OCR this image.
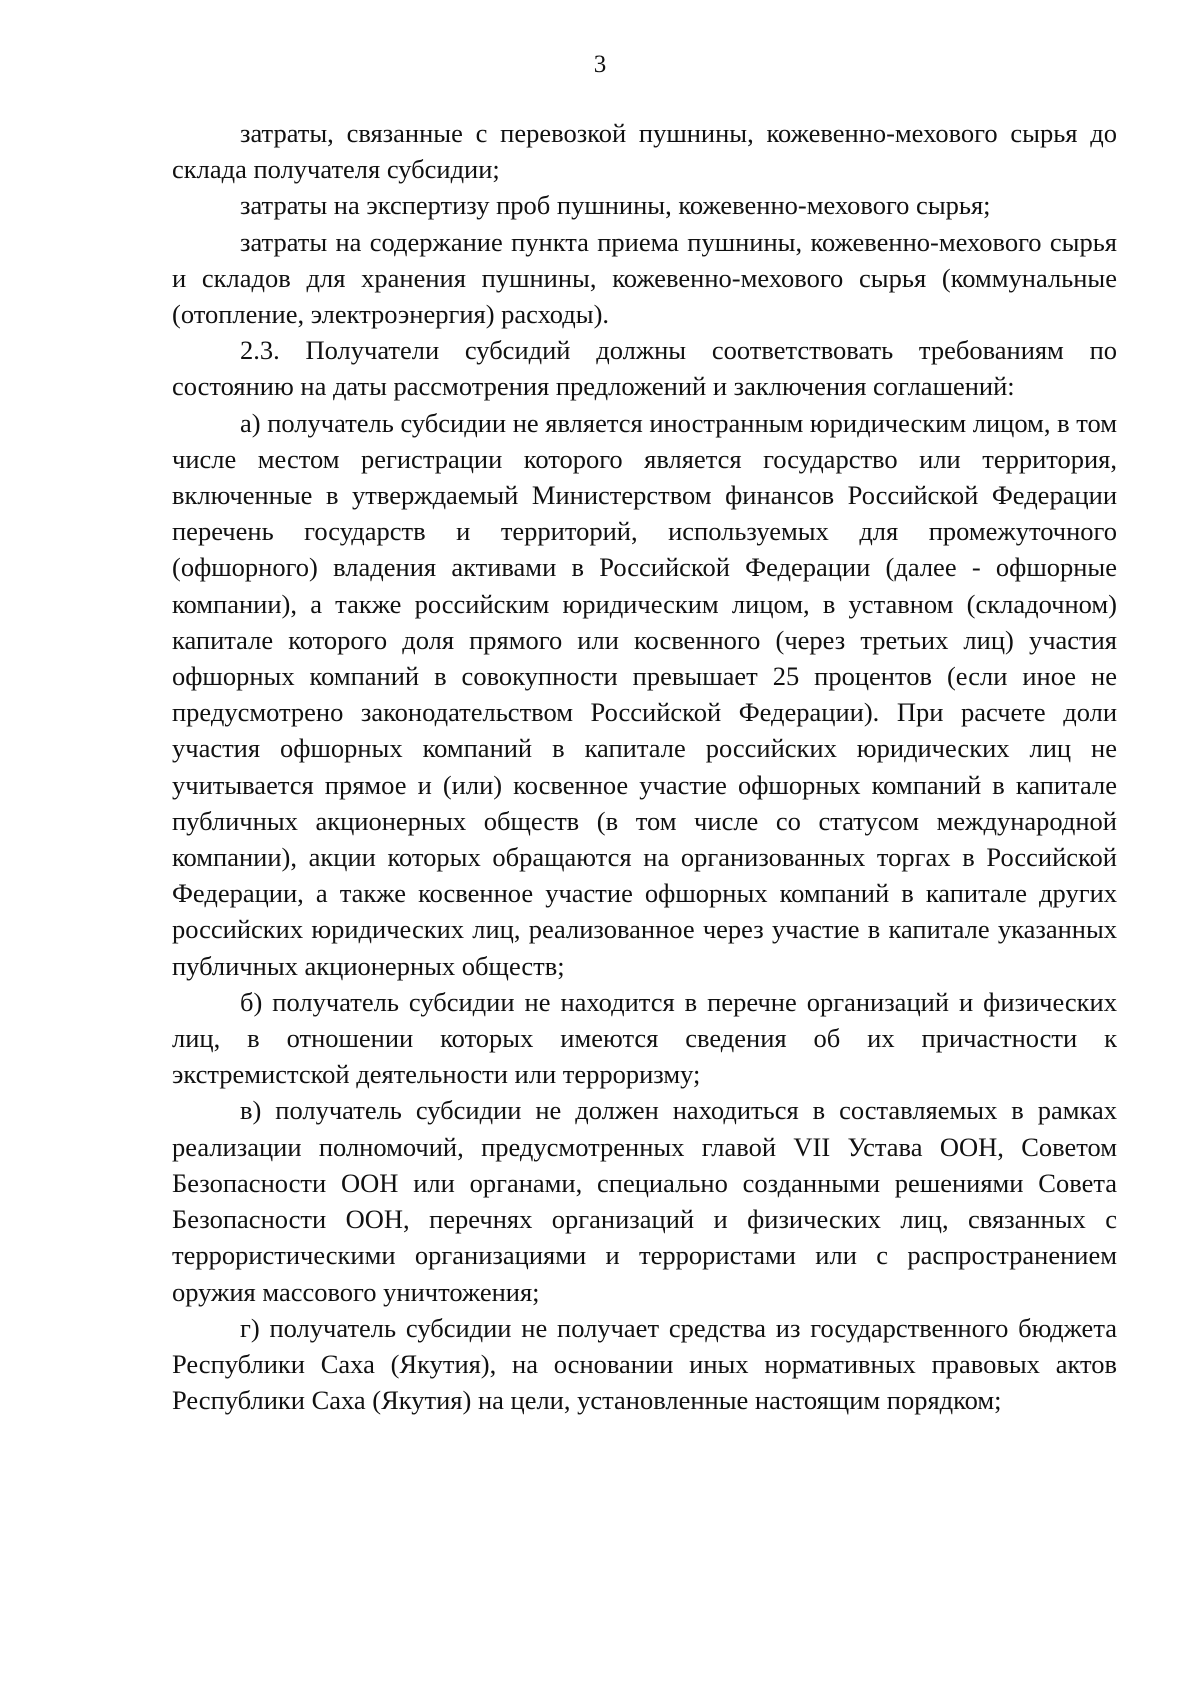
3

затраты, связанные с перевозкой пушнины, кожевенно-мехового сырья до склада получателя субсидии;

затраты на экспертизу проб пушнины, кожевенно-мехового сырья;

затраты на содержание пункта приема пушнины, кожевенно-мехового сырья и складов для хранения пушнины, кожевенно-мехового сырья (коммунальные (отопление, электроэнергия) расходы).

2.3. Получатели субсидий должны соответствовать требованиям по состоянию на даты рассмотрения предложений и заключения соглашений:

а) получатель субсидии не является иностранным юридическим лицом, в том числе местом регистрации которого является государство или территория, включенные в утверждаемый Министерством финансов Российской Федерации перечень государств и территорий, используемых для промежуточного (офшорного) владения активами в Российской Федерации (далее - офшорные компании), а также российским юридическим лицом, в уставном (складочном) капитале которого доля прямого или косвенного (через третьих лиц) участия офшорных компаний в совокупности превышает 25 процентов (если иное не предусмотрено законодательством Российской Федерации). При расчете доли участия офшорных компаний в капитале российских юридических лиц не учитывается прямое и (или) косвенное участие офшорных компаний в капитале публичных акционерных обществ (в том числе со статусом международной компании), акции которых обращаются на организованных торгах в Российской Федерации, а также косвенное участие офшорных компаний в капитале других российских юридических лиц, реализованное через участие в капитале указанных публичных акционерных обществ;

б) получатель субсидии не находится в перечне организаций и физических лиц, в отношении которых имеются сведения об их причастности к экстремистской деятельности или терроризму;

в) получатель субсидии не должен находиться в составляемых в рамках реализации полномочий, предусмотренных главой VII Устава ООН, Советом Безопасности ООН или органами, специально созданными решениями Совета Безопасности ООН, перечнях организаций и физических лиц, связанных с террористическими организациями и террористами или с распространением оружия массового уничтожения;

г) получатель субсидии не получает средства из государственного бюджета Республики Саха (Якутия), на основании иных нормативных правовых актов Республики Саха (Якутия) на цели, установленные настоящим порядком;
